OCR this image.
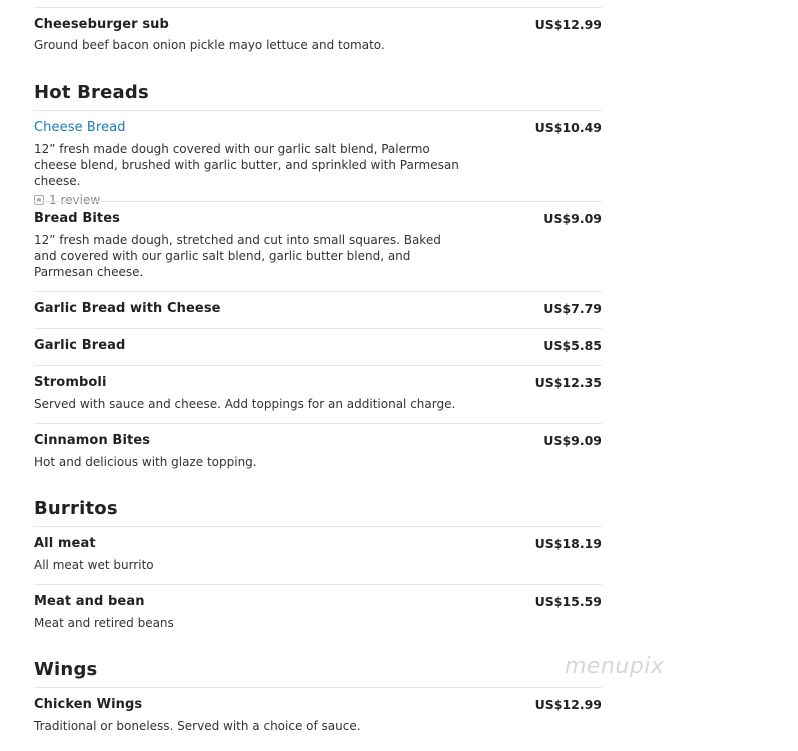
Cheeseburger sub	US$12.99
Ground beef bacon onion pickle mayo lettuce and tomato.
Hot Breads
Cheese Bread	US$10.49
12” fresh made dough covered with our garlic salt blend, Palermo cheese blend, brushed with garlic butter, and sprinkled with Parmesan cheese.
1 review
Bread Bites	US$9.09
12” fresh made dough, stretched and cut into small squares. Baked and covered with our garlic salt blend, garlic butter blend, and Parmesan cheese.
Garlic Bread with Cheese	US$7.79
Garlic Bread	US$5.85
Stromboli	US$12.35
Served with sauce and cheese. Add toppings for an additional charge.
Cinnamon Bites	US$9.09
Hot and delicious with glaze topping.
Burritos
All meat	US$18.19
All meat wet burrito
Meat and bean	US$15.59
Meat and retired beans
Wings
Chicken Wings	US$12.99
Traditional or boneless. Served with a choice of sauce.
menupix
